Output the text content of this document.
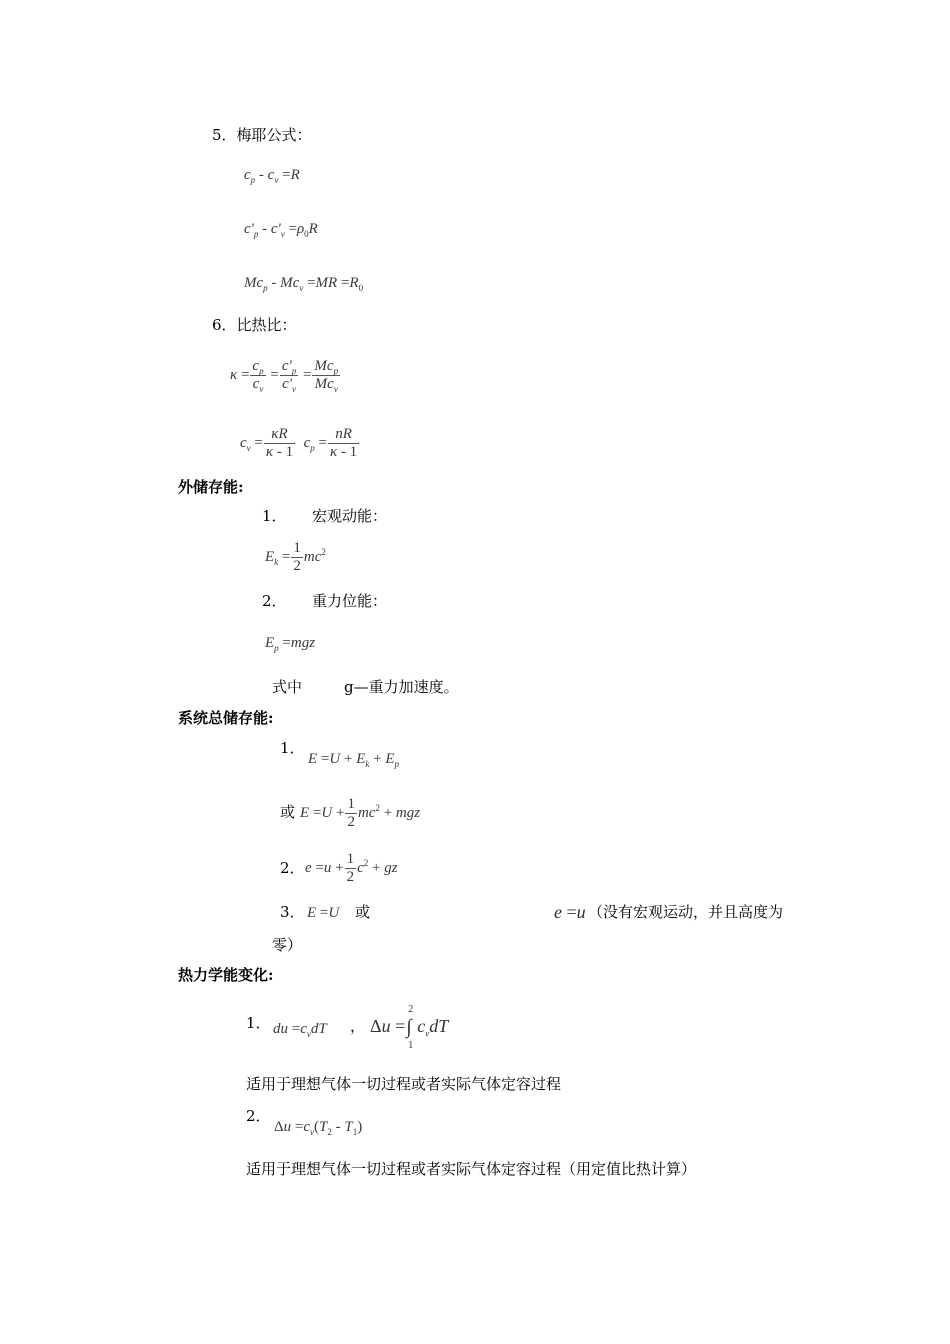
5．梅耶公式：
$c_p - c_v =R$
$c'_p - c'_v =\rho_0R$
$Mc_p - Mc_v =MR =R_0$
6．比热比：
$\kappa = \frac{c_p}{c_v} = \frac{c'_p}{c'_v} = \frac{Mc_p}{Mc_v}$
$c_v = \frac{\kappa R}{\kappa - 1} c_p = \frac{nR}{\kappa - 1}$
外储存能:
1． 宏观动能：
$E_k = \frac{1}{2} mc^2$
2． 重力位能：
$E_p =mgz$
式中	g—重力加速度。
系统总储存能:
1．
$E =U + E_k + E_p$
或 $E =U + \frac{1}{2} mc^2$ + mgz
2． $e =u + \frac{1}{2} c^2$ + gz
3． E =U 或	e =u （没有宏观运动，并且高度为
零）
热力学能变化:
1． du $=c_vdT$ ， Δu =
2
∫
1
$c_vdT$
适用于理想气体一切过程或者实际气体定容过程
2．
$\Delta u =c_v(T_2 - T_1)$
适用于理想气体一切过程或者实际气体定容过程（用定值比热计算）
